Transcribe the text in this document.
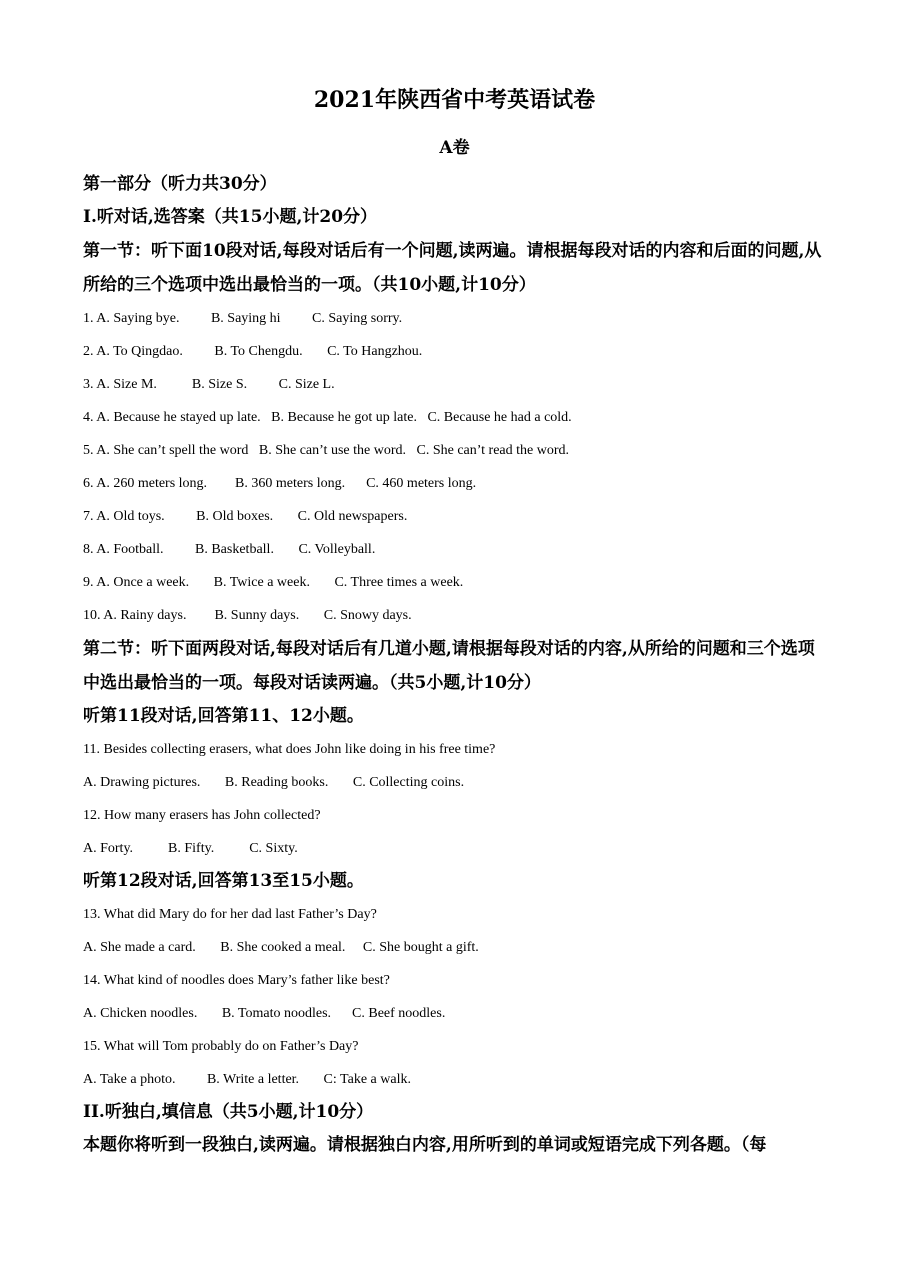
2021年陕西省中考英语试卷
A卷
第一部分（听力共30分）
I.听对话,选答案（共15小题,计20分）
第一节：听下面10段对话,每段对话后有一个问题,读两遍。请根据每段对话的内容和后面的问题,从所给的三个选项中选出最恰当的一项。（共10小题,计10分）
1. A. Saying bye.         B. Saying hi         C. Saying sorry.
2. A. To Qingdao.         B. To Chengdu.       C. To Hangzhou.
3. A. Size M.          B. Size S.         C. Size L.
4. A. Because he stayed up late.   B. Because he got up late.   C. Because he had a cold.
5. A. She can’t spell the word   B. She can’t use the word.   C. She can’t read the word.
6. A. 260 meters long.        B. 360 meters long.      C. 460 meters long.
7. A. Old toys.         B. Old boxes.       C. Old newspapers.
8. A. Football.         B. Basketball.       C. Volleyball.
9. A. Once a week.       B. Twice a week.       C. Three times a week.
10. A. Rainy days.        B. Sunny days.       C. Snowy days.
第二节：听下面两段对话,每段对话后有几道小题,请根据每段对话的内容,从所给的问题和三个选项中选出最恰当的一项。每段对话读两遍。（共5小题,计10分）
听第11段对话,回答第11、12小题。
11. Besides collecting erasers, what does John like doing in his free time?
A. Drawing pictures.       B. Reading books.       C. Collecting coins.
12. How many erasers has John collected?
A. Forty.          B. Fifty.          C. Sixty.
听第12段对话,回答第13至15小题。
13. What did Mary do for her dad last Father’s Day?
A. She made a card.       B. She cooked a meal.     C. She bought a gift.
14. What kind of noodles does Mary’s father like best?
A. Chicken noodles.       B. Tomato noodles.      C. Beef noodles.
15. What will Tom probably do on Father’s Day?
A. Take a photo.         B. Write a letter.       C: Take a walk.
II.听独白,填信息（共5小题,计10分）
本题你将听到一段独白,读两遍。请根据独白内容,用所听到的单词或短语完成下列各题。（每
